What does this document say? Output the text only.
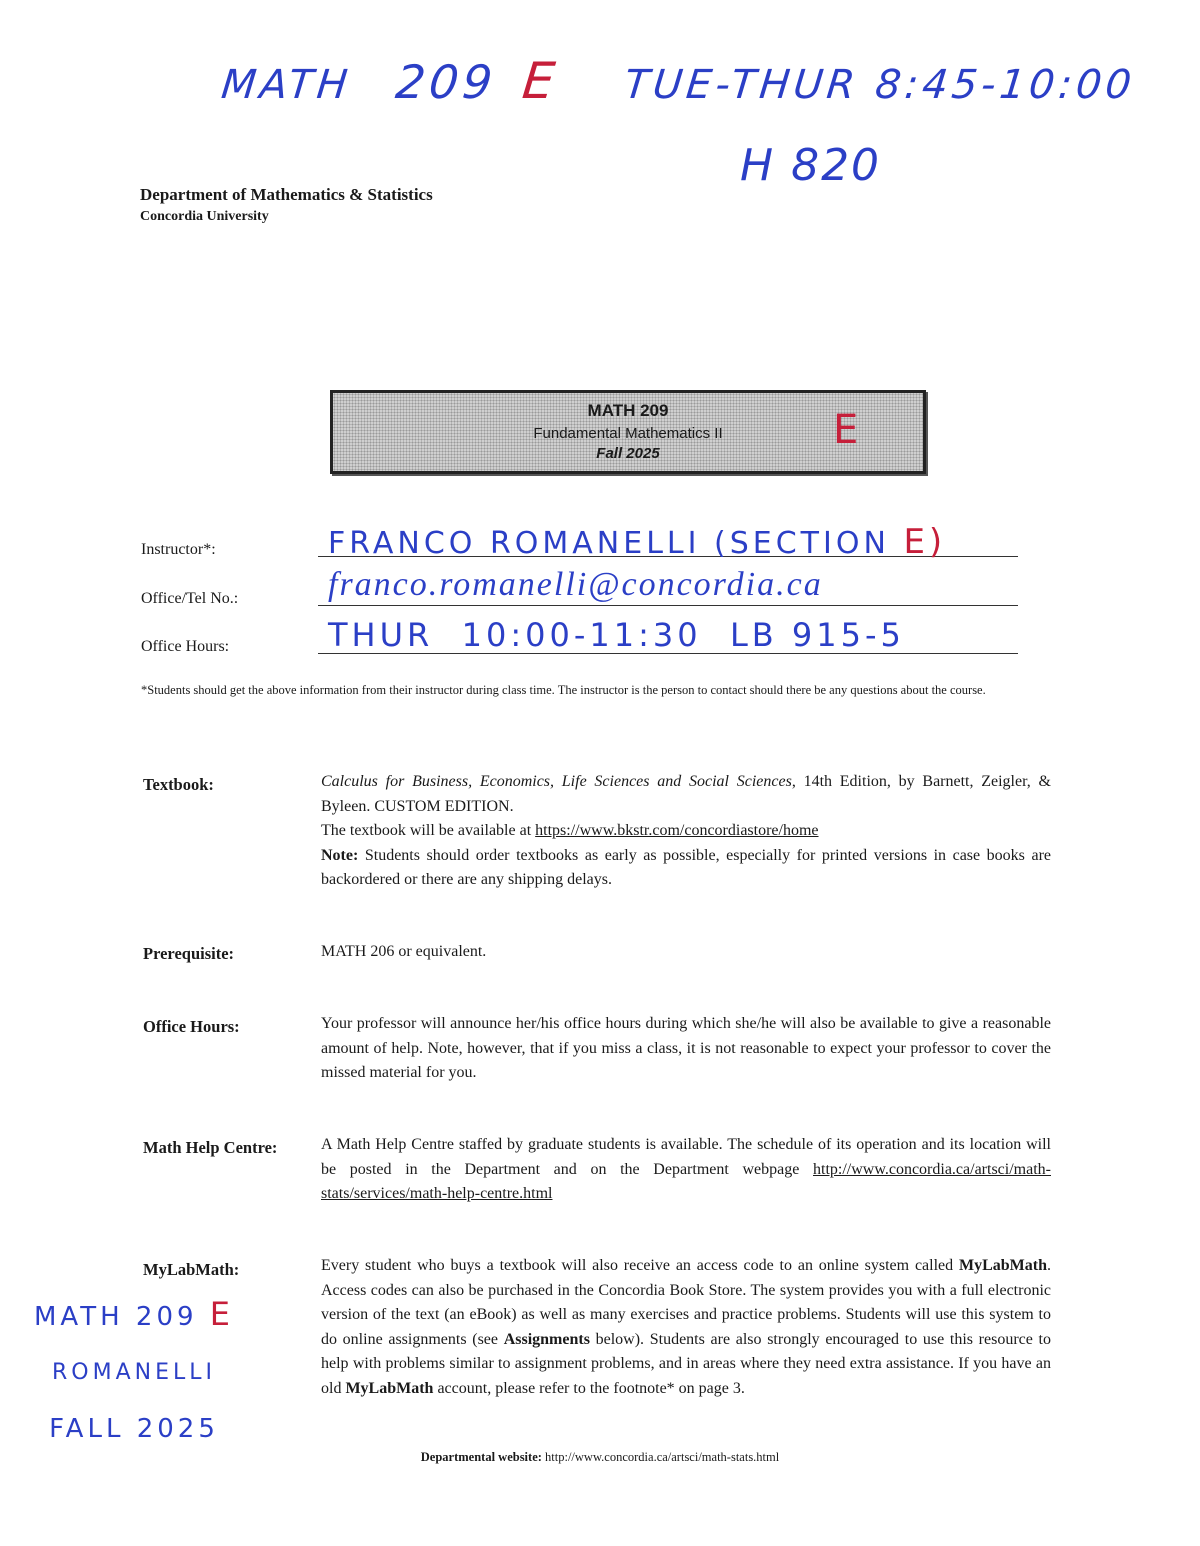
MATH 209 E TUE-THUR 8:45-10:00
H 820
Department of Mathematics & Statistics
Concordia University
MATH 209
Fundamental Mathematics II
Fall 2025
E
Instructor*:	FRANCO ROMANELLI (SECTION E)
Office/Tel No.:	franco.romanelli@concordia.ca
Office Hours:	THUR  10:00-11:30  LB 915-5
*Students should get the above information from their instructor during class time. The instructor is the person to contact should there be any questions about the course.
Textbook:	Calculus for Business, Economics, Life Sciences and Social Sciences, 14th Edition, by Barnett, Zeigler, & Byleen. CUSTOM EDITION.
The textbook will be available at https://www.bkstr.com/concordiastore/home
Note: Students should order textbooks as early as possible, especially for printed versions in case books are backordered or there are any shipping delays.
Prerequisite:	MATH 206 or equivalent.
Office Hours:	Your professor will announce her/his office hours during which she/he will also be available to give a reasonable amount of help. Note, however, that if you miss a class, it is not reasonable to expect your professor to cover the missed material for you.
Math Help Centre:	A Math Help Centre staffed by graduate students is available. The schedule of its operation and its location will be posted in the Department and on the Department webpage http://www.concordia.ca/artsci/math-stats/services/math-help-centre.html
MyLabMath:	Every student who buys a textbook will also receive an access code to an online system called MyLabMath. Access codes can also be purchased in the Concordia Book Store. The system provides you with a full electronic version of the text (an eBook) as well as many exercises and practice problems. Students will use this system to do online assignments (see Assignments below). Students are also strongly encouraged to use this resource to help with problems similar to assignment problems, and in areas where they need extra assistance. If you have an old MyLabMath account, please refer to the footnote* on page 3.
MATH 209 E
ROMANELLI
FALL 2025
Departmental website: http://www.concordia.ca/artsci/math-stats.html
